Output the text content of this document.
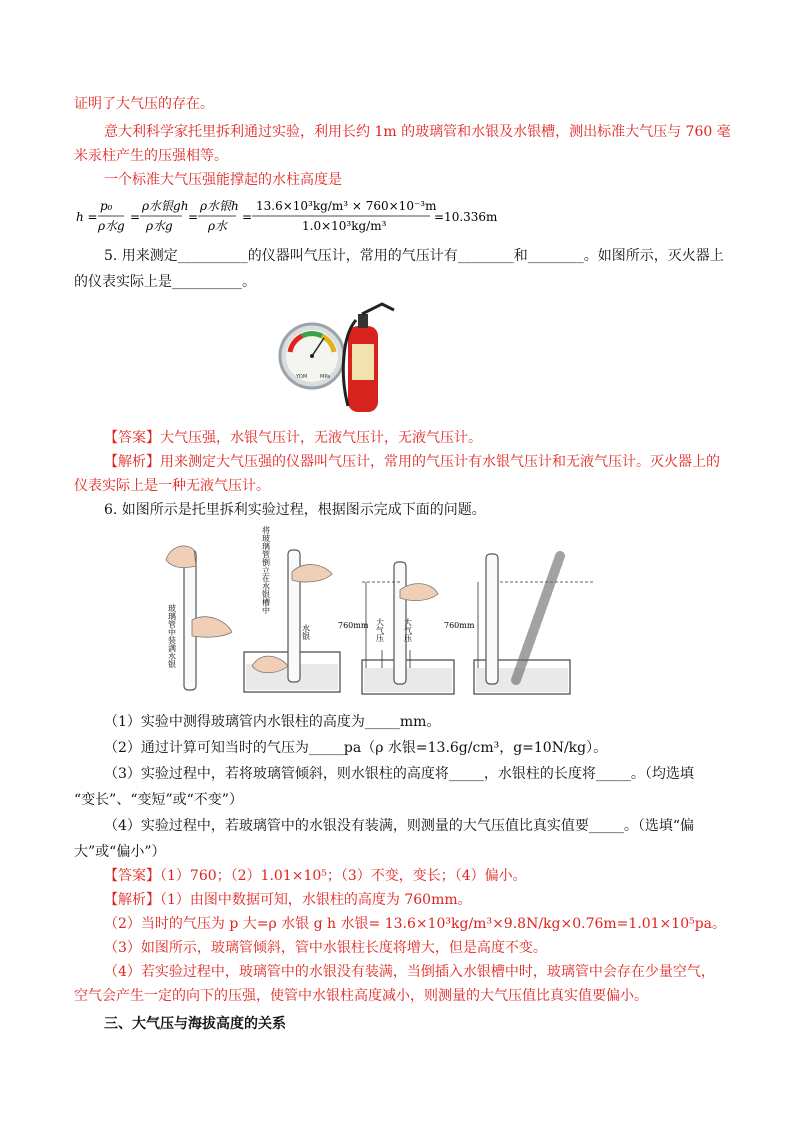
证明了大气压的存在。
意大利科学家托里拆利通过实验，利用长约 1m 的玻璃管和水银及水银槽，测出标准大气压与 760 毫
米汞柱产生的压强相等。
一个标准大气压强能撑起的水柱高度是
h =
p₀
ρ水g
=
ρ水银gh
ρ水g
=
ρ水银h
ρ水
=
13.6×10³kg/m³ × 760×10⁻³m
1.0×10³kg/m³
=10.336m
5. 用来测定__________的仪器叫气压计，常用的气压计有________和________。如图所示，灭火器上
的仪表实际上是__________。
YDM	MPa
【答案】大气压强，水银气压计，无液气压计，无液气压计。
【解析】用来测定大气压强的仪器叫气压计，常用的气压计有水银气压计和无液气压计。灭火器上的
仪表实际上是一种无液气压计。
6. 如图所示是托里拆利实验过程，根据图示完成下面的问题。
玻璃管中装满水银
将玻璃管倒立在水银槽中
水银	760mm 大气压 大气压	760mm
（1）实验中测得玻璃管内水银柱的高度为_____mm。
（2）通过计算可知当时的气压为_____pa（ρ 水银=13.6g/cm³，g=10N/kg）。
（3）实验过程中，若将玻璃管倾斜，则水银柱的高度将_____，水银柱的长度将_____。（均选填
“变长”、“变短”或“不变”）
（4）实验过程中，若玻璃管中的水银没有装满，则测量的大气压值比真实值要_____。（选填“偏
大”或“偏小”）
【答案】（1）760；（2）1.01×10⁵；（3）不变，变长；（4）偏小。
【解析】（1）由图中数据可知，水银柱的高度为 760mm。
（2）当时的气压为 p 大=ρ 水银 g h 水银= 13.6×10³kg/m³×9.8N/kg×0.76m=1.01×10⁵pa。
（3）如图所示，玻璃管倾斜，管中水银柱长度将增大，但是高度不变。
（4）若实验过程中，玻璃管中的水银没有装满，当倒插入水银槽中时，玻璃管中会存在少量空气，
空气会产生一定的向下的压强，使管中水银柱高度减小，则测量的大气压值比真实值要偏小。
三、大气压与海拔高度的关系
